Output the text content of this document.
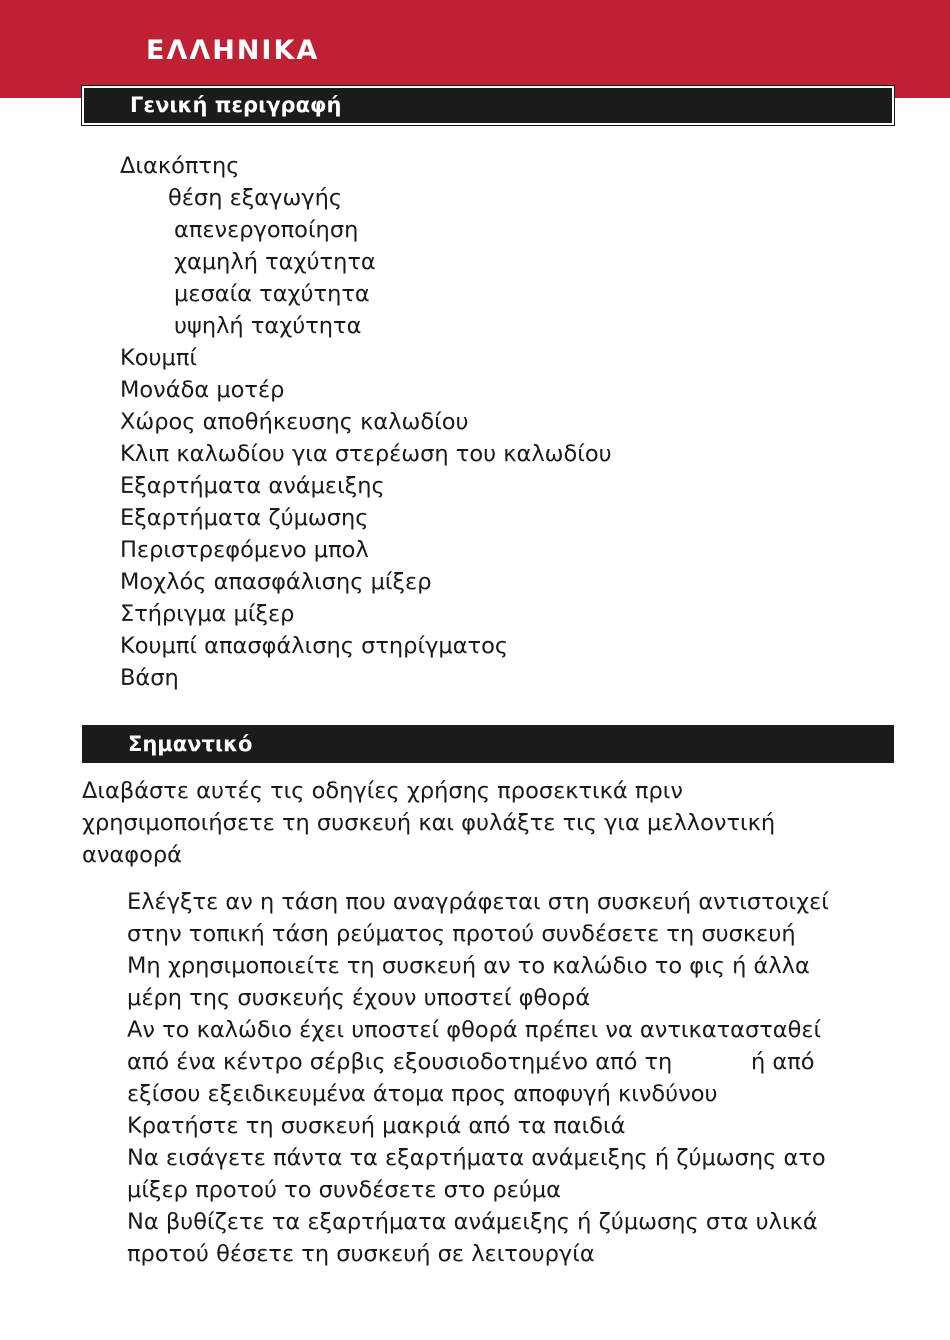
ΕΛΛΗΝΙΚΑ
Γενική περιγραφή
Διακόπτης
θέση εξαγωγής
απενεργοποίηση
χαμηλή ταχύτητα
μεσαία ταχύτητα
υψηλή ταχύτητα
Κουμπί
Μονάδα μοτέρ
Χώρος αποθήκευσης καλωδίου
Κλιπ καλωδίου για στερέωση του καλωδίου
Εξαρτήματα ανάμειξης
Εξαρτήματα ζύμωσης
Περιστρεφόμενο μπολ
Μοχλός απασφάλισης μίξερ
Στήριγμα μίξερ
Κουμπί απασφάλισης στηρίγματος
Βάση
Σημαντικό
Διαβάστε αυτές τις οδηγίες χρήσης προσεκτικά πριν
χρησιμοποιήσετε τη συσκευή και φυλάξτε τις για μελλοντική
αναφορά
Ελέγξτε αν η τάση που αναγράφεται στη συσκευή αντιστοιχεί
στην τοπική τάση ρεύματος προτού συνδέσετε τη συσκευή
Μη χρησιμοποιείτε τη συσκευή αν το καλώδιο το φις ή άλλα
μέρη της συσκευής έχουν υποστεί φθορά
Αν το καλώδιο έχει υποστεί φθορά πρέπει να αντικατασταθεί
από ένα κέντρο σέρβις εξουσιοδοτημένο από τη           ή από
εξίσου εξειδικευμένα άτομα προς αποφυγή κινδύνου
Κρατήστε τη συσκευή μακριά από τα παιδιά
Να εισάγετε πάντα τα εξαρτήματα ανάμειξης ή ζύμωσης ατο
μίξερ προτού το συνδέσετε στο ρεύμα
Να βυθίζετε τα εξαρτήματα ανάμειξης ή ζύμωσης στα υλικά
προτού θέσετε τη συσκευή σε λειτουργία
